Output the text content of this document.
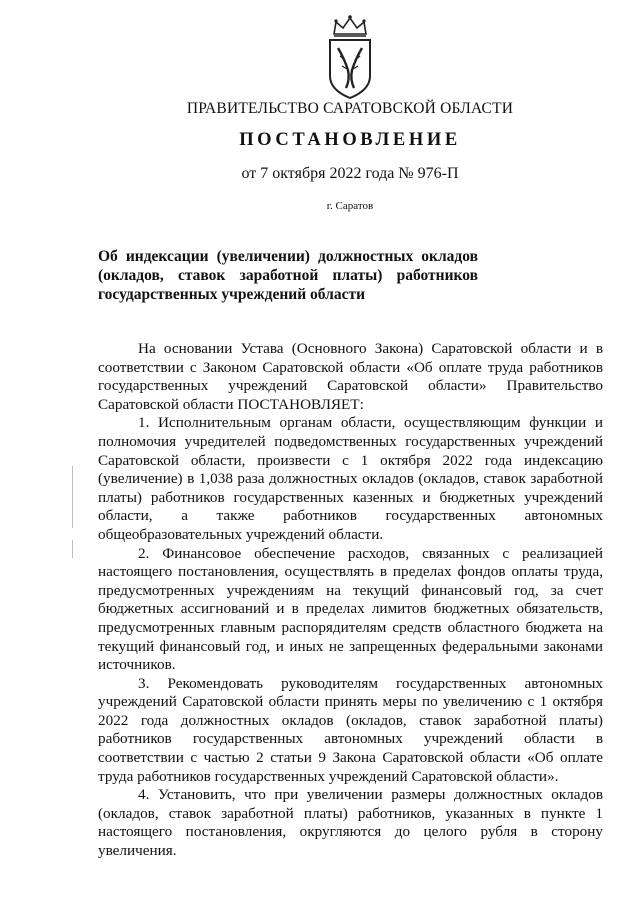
ПРАВИТЕЛЬСТВО САРАТОВСКОЙ ОБЛАСТИ
ПОСТАНОВЛЕНИЕ
от 7 октября 2022 года № 976-П
г. Саратов
Об индексации (увеличении) должностных окладов (окладов, ставок заработной платы) работников государственных учреждений области

На основании Устава (Основного Закона) Саратовской области и в соответствии с Законом Саратовской области «Об оплате труда работников государственных учреждений Саратовской области» Правительство Саратовской области ПОСТАНОВЛЯЕТ:

1. Исполнительным органам области, осуществляющим функции и полномочия учредителей подведомственных государственных учреждений Саратовской области, произвести с 1 октября 2022 года индексацию (увеличение) в 1,038 раза должностных окладов (окладов, ставок заработной платы) работников государственных казенных и бюджетных учреждений области, а также работников государственных автономных общеобразовательных учреждений области.

2. Финансовое обеспечение расходов, связанных с реализацией настоящего постановления, осуществлять в пределах фондов оплаты труда, предусмотренных учреждениям на текущий финансовый год, за счет бюджетных ассигнований и в пределах лимитов бюджетных обязательств, предусмотренных главным распорядителям средств областного бюджета на текущий финансовый год, и иных не запрещенных федеральными законами источников.

3. Рекомендовать руководителям государственных автономных учреждений Саратовской области принять меры по увеличению с 1 октября 2022 года должностных окладов (окладов, ставок заработной платы) работников государственных автономных учреждений области в соответствии с частью 2 статьи 9 Закона Саратовской области «Об оплате труда работников государственных учреждений Саратовской области».

4. Установить, что при увеличении размеры должностных окладов (окладов, ставок заработной платы) работников, указанных в пункте 1 настоящего постановления, округляются до целого рубля в сторону увеличения.
